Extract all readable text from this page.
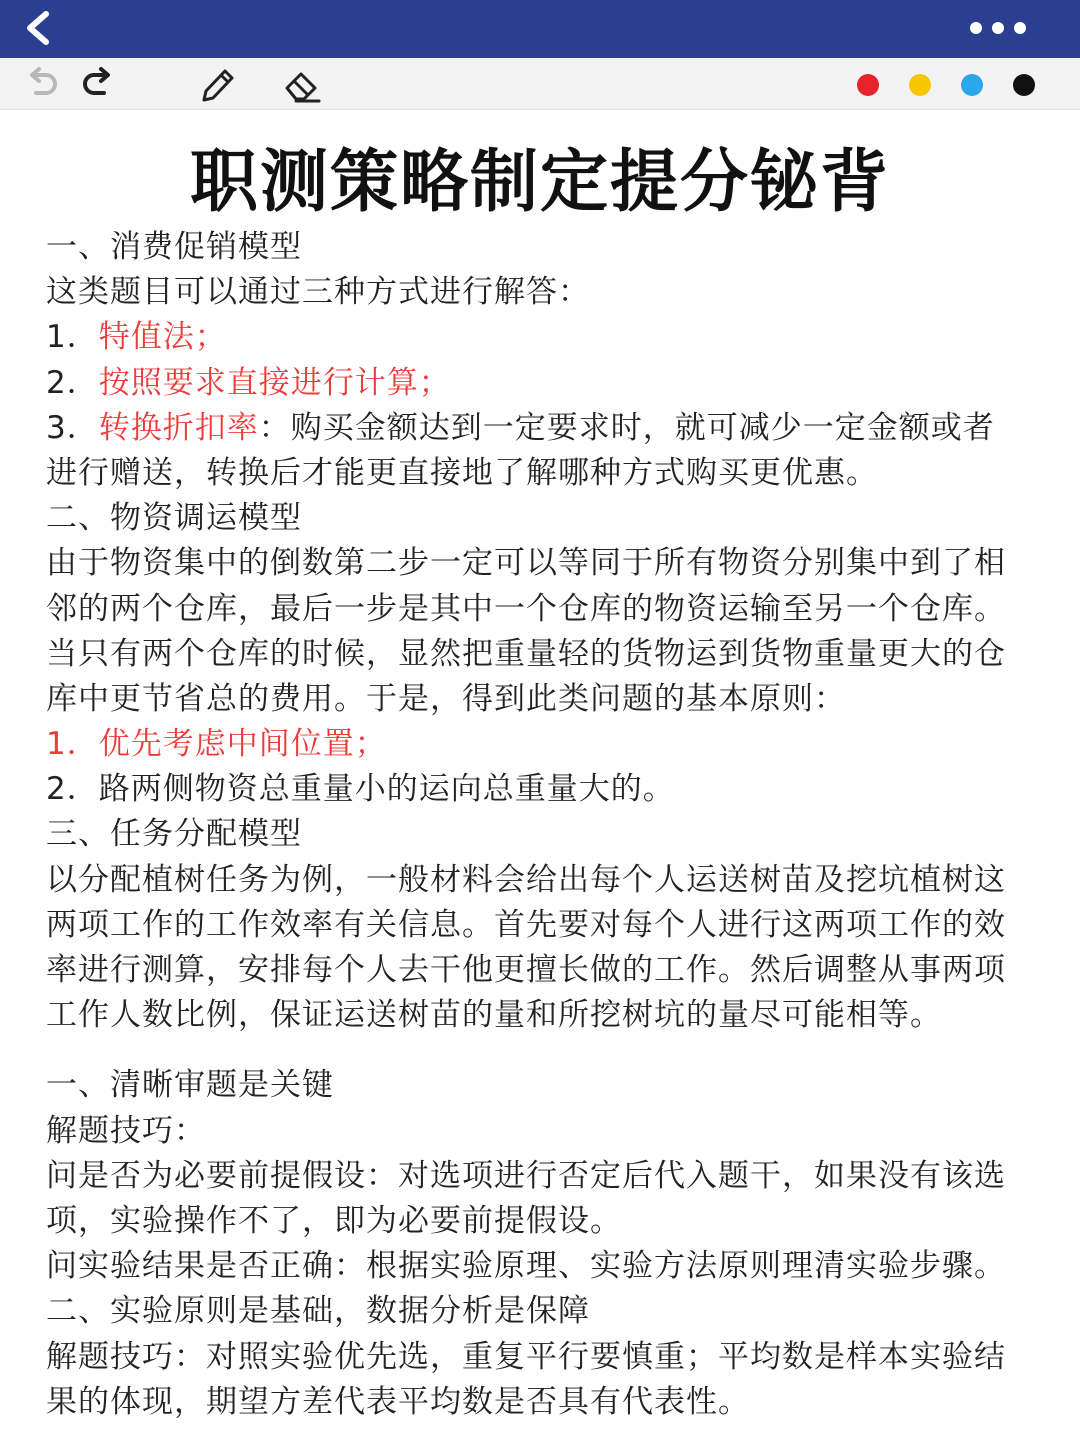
职测策略制定提分铋背
一、消费促销模型
这类题目可以通过三种方式进行解答：
1．特值法；
2．按照要求直接进行计算；
3．转换折扣率：购买金额达到一定要求时，就可减少一定金额或者
进行赠送，转换后才能更直接地了解哪种方式购买更优惠。
二、物资调运模型
由于物资集中的倒数第二步一定可以等同于所有物资分别集中到了相
邻的两个仓库，最后一步是其中一个仓库的物资运输至另一个仓库。
当只有两个仓库的时候，显然把重量轻的货物运到货物重量更大的仓
库中更节省总的费用。于是，得到此类问题的基本原则：
1．优先考虑中间位置；
2．路两侧物资总重量小的运向总重量大的。
三、任务分配模型
以分配植树任务为例，一般材料会给出每个人运送树苗及挖坑植树这
两项工作的工作效率有关信息。首先要对每个人进行这两项工作的效
率进行测算，安排每个人去干他更擅长做的工作。然后调整从事两项
工作人数比例，保证运送树苗的量和所挖树坑的量尽可能相等。
一、清晰审题是关键
解题技巧：
问是否为必要前提假设：对选项进行否定后代入题干，如果没有该选
项，实验操作不了，即为必要前提假设。
问实验结果是否正确：根据实验原理、实验方法原则理清实验步骤。
二、实验原则是基础，数据分析是保障
解题技巧：对照实验优先选，重复平行要慎重；平均数是样本实验结
果的体现，期望方差代表平均数是否具有代表性。
